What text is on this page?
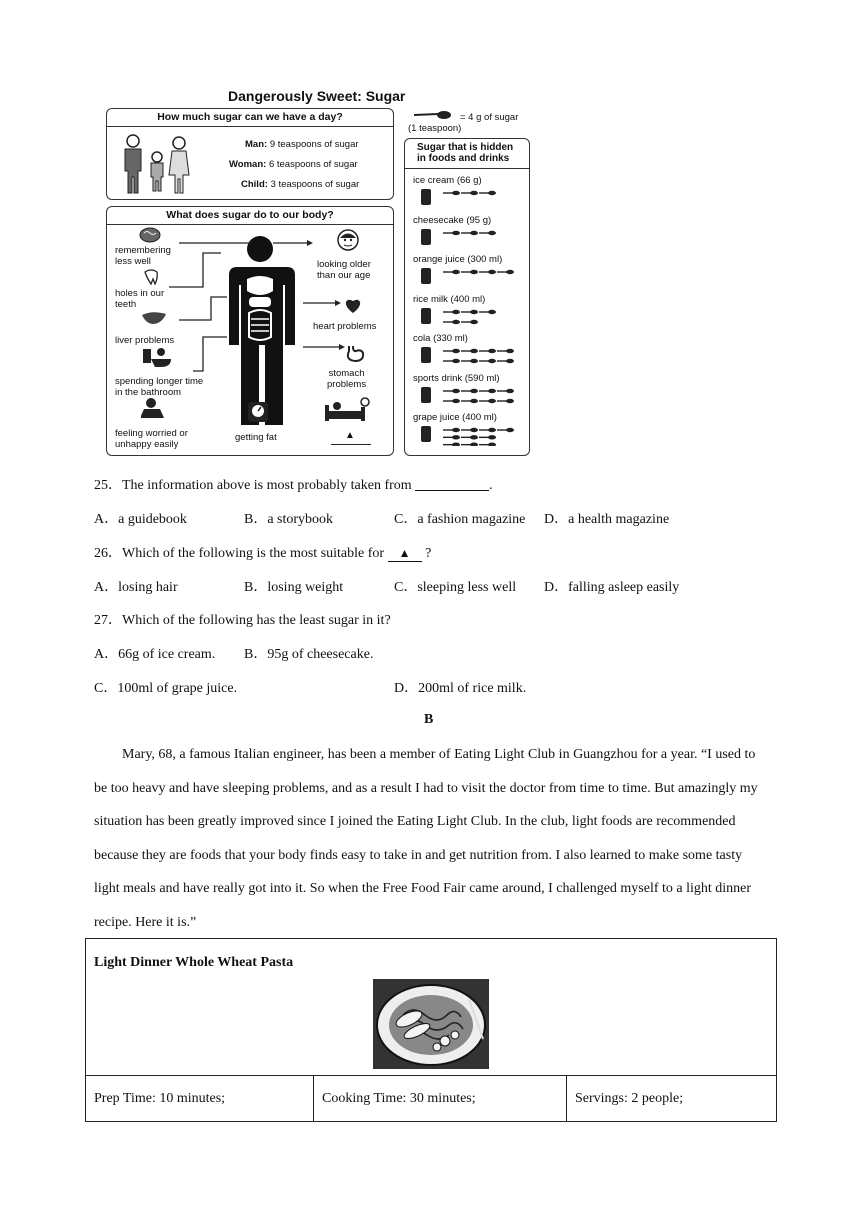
Dangerously Sweet: Sugar
= 4 g of sugar
(1 teaspoon)
How much sugar can we have a day?
Man: 9 teaspoons of sugar
Woman: 6 teaspoons of sugar
Child: 3 teaspoons of sugar
Sugar that is hidden
in foods and drinks
ice cream (66 g)
cheesecake (95 g)
orange juice (300 ml)
rice milk (400 ml)
cola (330 ml)
sports drink (590 ml)
grape juice (400 ml)
What does sugar do to our body?
remembering
less well
holes in our
teeth
liver problems
spending longer time
in the bathroom
feeling worried or
unhappy easily
looking older
than our age
heart problems
stomach
problems
getting fat	▲
25．The information above is most probably taken from	.
A．a guidebook	B．a storybook	C．a fashion magazine D．a health magazine
26．Which of the following is the most suitable for ▲ ?
A．losing hair	B．losing weight	C．sleeping less well D．falling asleep easily
27．Which of the following has the least sugar in it?
A．66g of ice cream. B．95g of cheesecake.
C．100ml of grape juice.	D．200ml of rice milk.
B

Mary, 68, a famous Italian engineer, has been a member of Eating Light Club in Guangzhou for a year. “I used to be too heavy and have sleeping problems, and as a result I had to visit the doctor from time to time. But amazingly my situation has been greatly improved since I joined the Eating Light Club. In the club, light foods are recommended because they are foods that your body finds easy to take in and get nutrition from. I also learned to make some tasty light meals and have really got into it. So when the Free Food Fair came around, I challenged myself to a light dinner recipe. Here it is.”

Light Dinner Whole Wheat Pasta
Prep Time: 10 minutes;	Cooking Time: 30 minutes;	Servings: 2 people;
